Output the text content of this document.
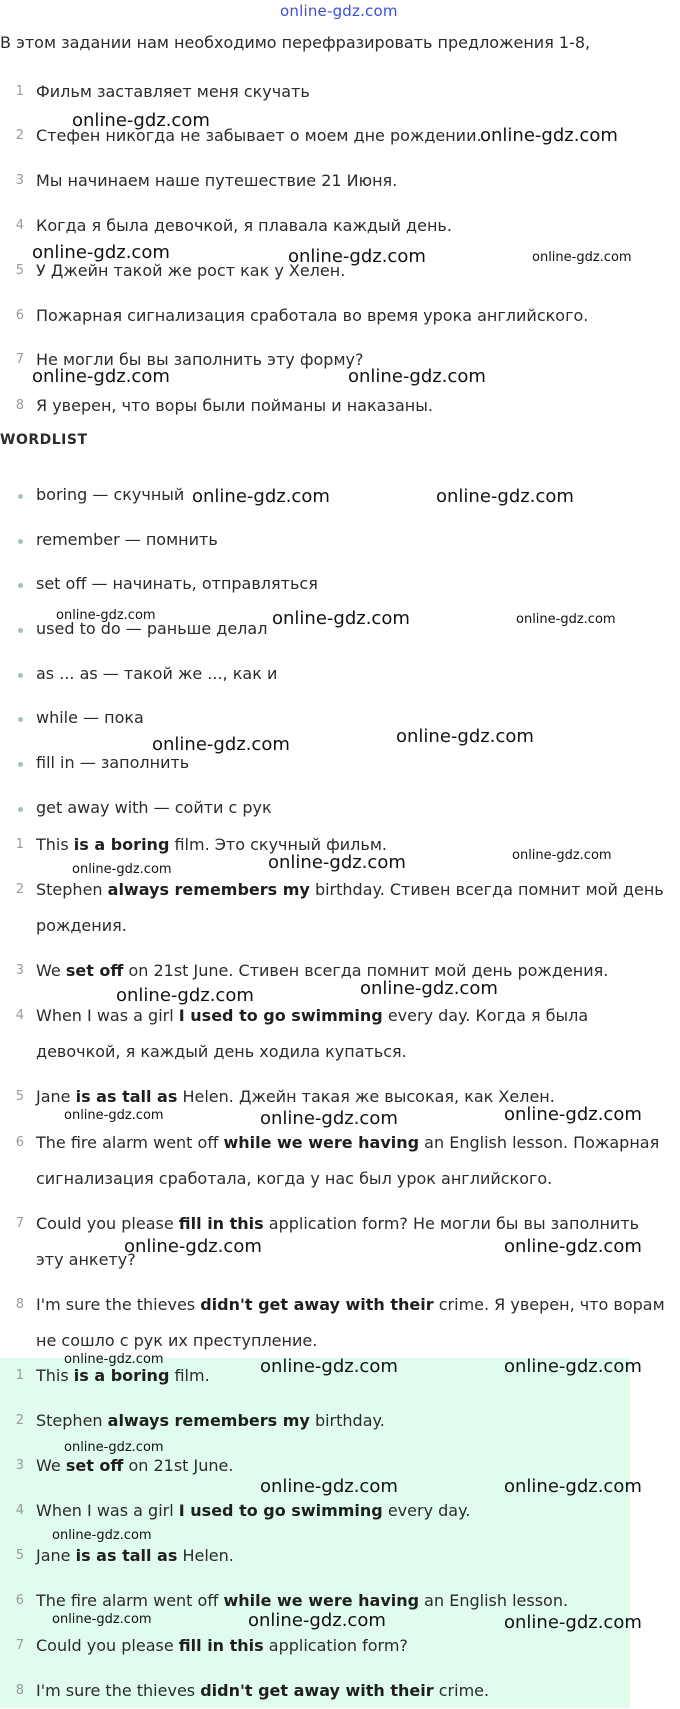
online-gdz.com
В этом задании нам необходимо перефразировать предложения 1-8,
1 Фильм заставляет меня скучать
2 Стефен никогда не забывает о моем дне рождении.
3 Мы начинаем наше путешествие 21 Июня.
4 Когда я была девочкой, я плавала каждый день.
5 У Джейн такой же рост как у Хелен.
6 Пожарная сигнализация сработала во время урока английского.
7 Не могли бы вы заполнить эту форму?
8 Я уверен, что воры были пойманы и наказаны.
WORDLIST
boring — скучный
remember — помнить
set off — начинать, отправляться
used to do — раньше делал
as ... as — такой же ..., как и
while — пока
fill in — заполнить
get away with — сойти с рук
1 This is a boring film. Это скучный фильм.
2 Stephen always remembers my birthday. Стивен всегда помнит мой день рождения.
3 We set off on 21st June. Стивен всегда помнит мой день рождения.
4 When I was a girl I used to go swimming every day. Когда я была девочкой, я каждый день ходила купаться.
5 Jane is as tall as Helen. Джейн такая же высокая, как Хелен.
6 The fire alarm went off while we were having an English lesson. Пожарная сигнализация сработала, когда у нас был урок английского.
7 Could you please fill in this application form? Не могли бы вы заполнить эту анкету?
8 I'm sure the thieves didn't get away with their crime. Я уверен, что ворам не сошло с рук их преступление.
1 This is a boring film.
2 Stephen always remembers my birthday.
3 We set off on 21st June.
4 When I was a girl I used to go swimming every day.
5 Jane is as tall as Helen.
6 The fire alarm went off while we were having an English lesson.
7 Could you please fill in this application form?
8 I'm sure the thieves didn't get away with their crime.
online-gdz.com
online-gdz.com
online-gdz.com	online-gdz.com	online-gdz.com
online-gdz.com	online-gdz.com
online-gdz.com	online-gdz.com
online-gdz.com	online-gdz.com	online-gdz.com
online-gdz.com	online-gdz.com
online-gdz.com	online-gdz.com	online-gdz.com
online-gdz.com	online-gdz.com
online-gdz.com	online-gdz.com	online-gdz.com
online-gdz.com	online-gdz.com
online-gdz.com	online-gdz.com	online-gdz.com
online-gdz.com
online-gdz.com	online-gdz.com
online-gdz.com
online-gdz.com	online-gdz.com	online-gdz.com
